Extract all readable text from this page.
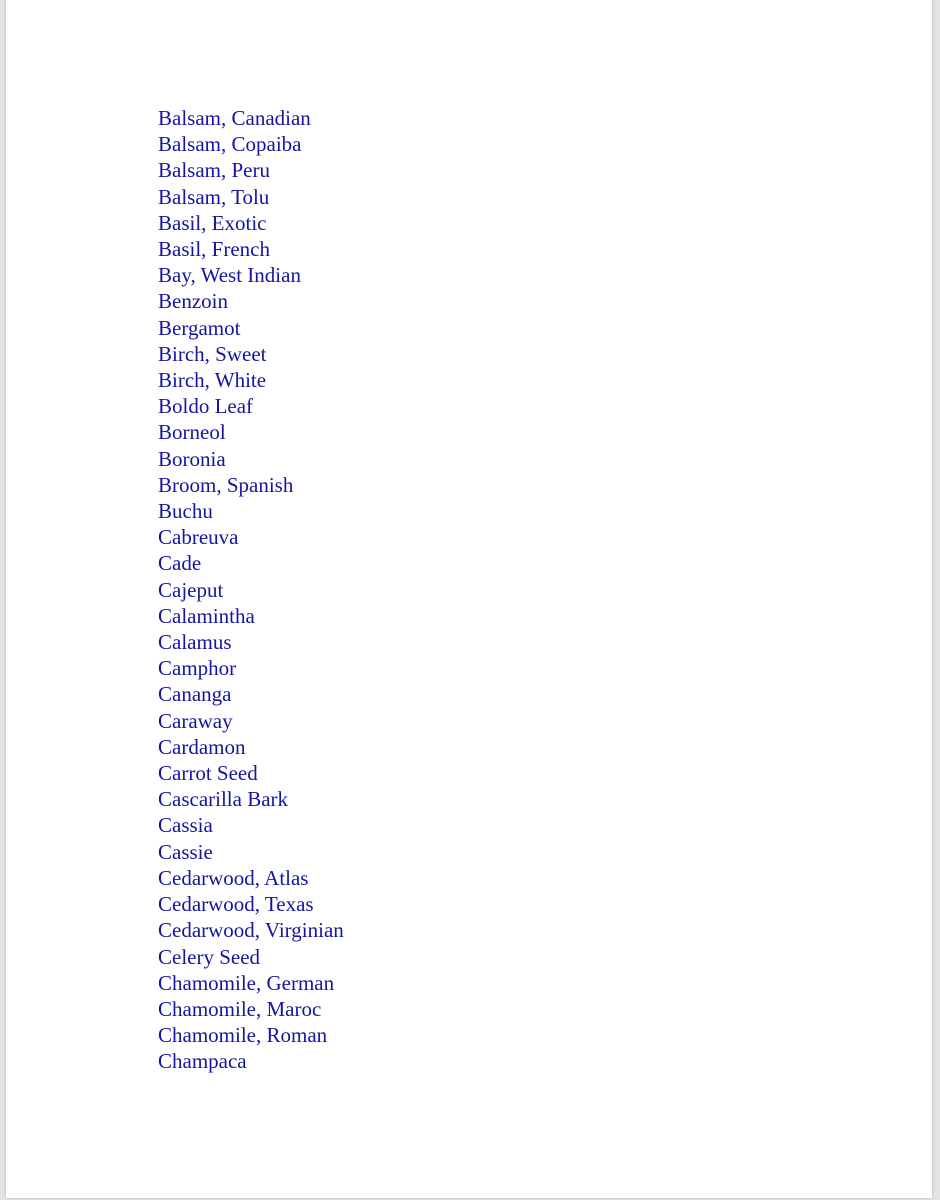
Balsam, Canadian
Balsam, Copaiba
Balsam, Peru
Balsam, Tolu
Basil, Exotic
Basil, French
Bay, West Indian
Benzoin
Bergamot
Birch, Sweet
Birch, White
Boldo Leaf
Borneol
Boronia
Broom, Spanish
Buchu
Cabreuva
Cade
Cajeput
Calamintha
Calamus
Camphor
Cananga
Caraway
Cardamon
Carrot Seed
Cascarilla Bark
Cassia
Cassie
Cedarwood, Atlas
Cedarwood, Texas
Cedarwood, Virginian
Celery Seed
Chamomile, German
Chamomile, Maroc
Chamomile, Roman
Champaca
